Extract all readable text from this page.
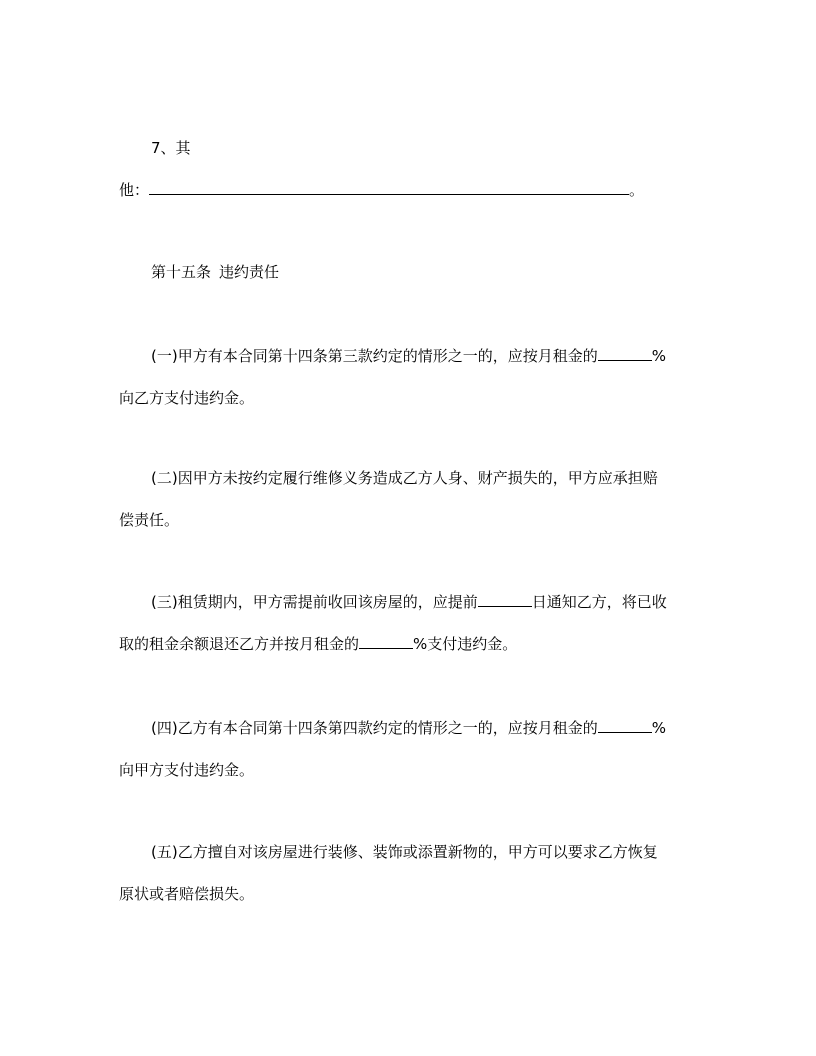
7、其
他：	。
第十五条 违约责任
(一)甲方有本合同第十四条第三款约定的情形之一的，应按月租金的	%
向乙方支付违约金。
(二)因甲方未按约定履行维修义务造成乙方人身、财产损失的，甲方应承担赔
偿责任。
(三)租赁期内，甲方需提前收回该房屋的，应提前	日通知乙方，将已收
取的租金余额退还乙方并按月租金的	%支付违约金。
(四)乙方有本合同第十四条第四款约定的情形之一的，应按月租金的	%
向甲方支付违约金。
(五)乙方擅自对该房屋进行装修、装饰或添置新物的，甲方可以要求乙方恢复
原状或者赔偿损失。
